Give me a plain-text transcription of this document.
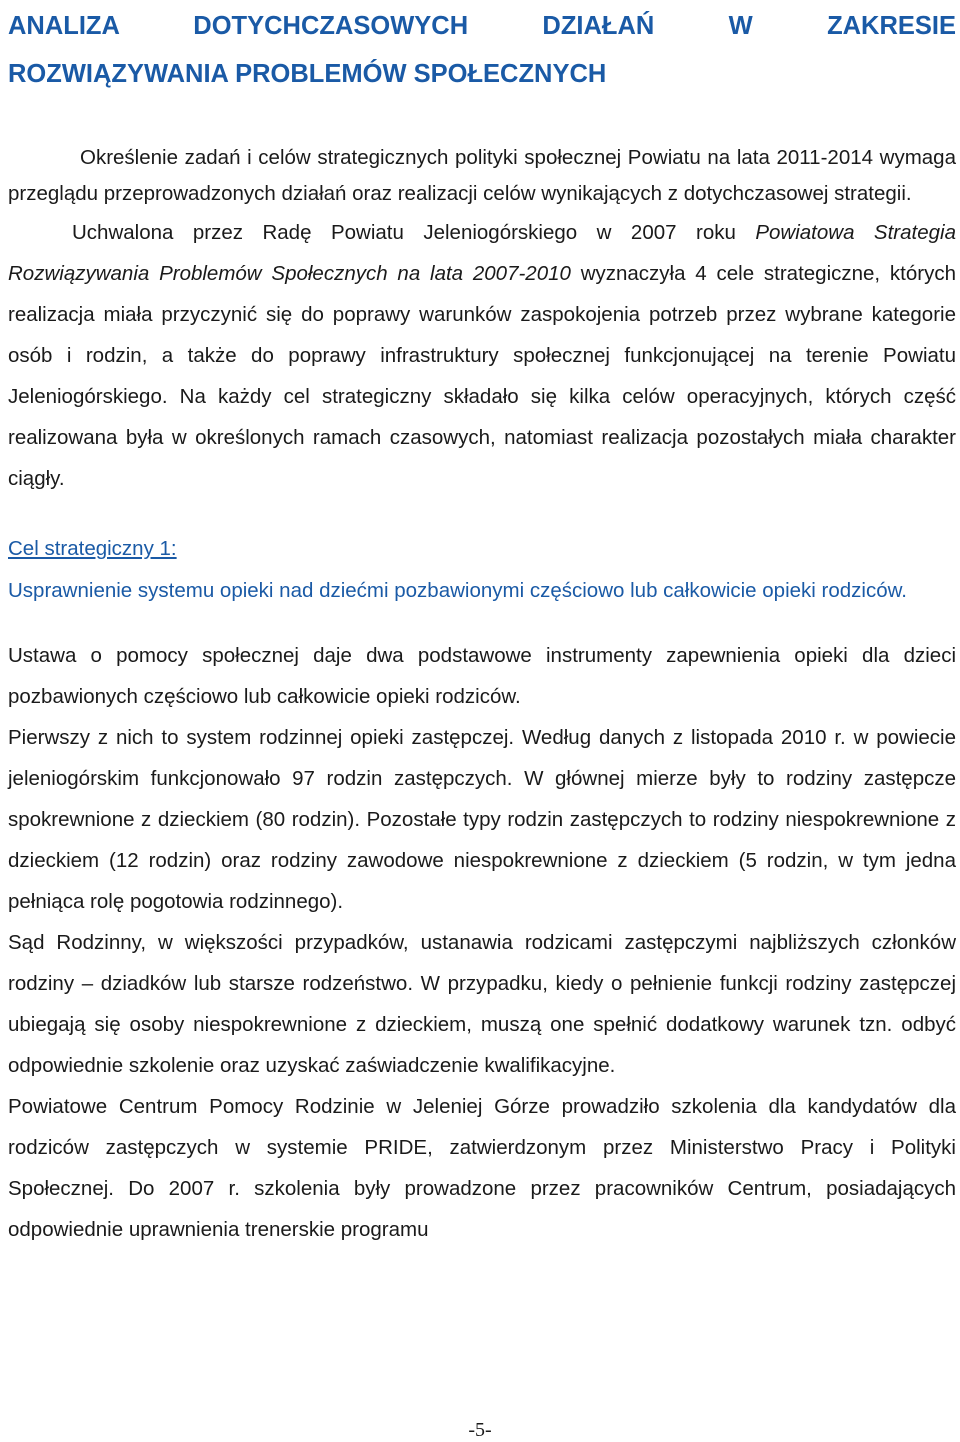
ANALIZA DOTYCHCZASOWYCH DZIAŁAŃ W ZAKRESIE
ROZWIĄZYWANIA PROBLEMÓW SPOŁECZNYCH

Określenie zadań i celów strategicznych polityki społecznej Powiatu na lata 2011-2014 wymaga przeglądu przeprowadzonych działań oraz realizacji celów wynikających z dotychczasowej strategii.

Uchwalona przez Radę Powiatu Jeleniogórskiego w 2007 roku Powiatowa Strategia Rozwiązywania Problemów Społecznych na lata 2007-2010 wyznaczyła 4 cele strategiczne, których realizacja miała przyczynić się do poprawy warunków zaspokojenia potrzeb przez wybrane kategorie osób i rodzin, a także do poprawy infrastruktury społecznej funkcjonującej na terenie Powiatu Jeleniogórskiego. Na każdy cel strategiczny składało się kilka celów operacyjnych, których część realizowana była w określonych ramach czasowych, natomiast realizacja pozostałych miała charakter ciągły.

Cel strategiczny 1:
Usprawnienie systemu opieki nad dziećmi pozbawionymi częściowo lub całkowicie opieki rodziców.

Ustawa o pomocy społecznej daje dwa podstawowe instrumenty zapewnienia opieki dla dzieci pozbawionych częściowo lub całkowicie opieki rodziców.

Pierwszy z nich to system rodzinnej opieki zastępczej. Według danych z listopada 2010 r. w powiecie jeleniogórskim funkcjonowało 97 rodzin zastępczych. W głównej mierze były to rodziny zastępcze spokrewnione z dzieckiem (80 rodzin). Pozostałe typy rodzin zastępczych to rodziny niespokrewnione z dzieckiem (12 rodzin) oraz rodziny zawodowe niespokrewnione z dzieckiem (5 rodzin, w tym jedna pełniąca rolę pogotowia rodzinnego).

Sąd Rodzinny, w większości przypadków, ustanawia rodzicami zastępczymi najbliższych członków rodziny – dziadków lub starsze rodzeństwo. W przypadku, kiedy o pełnienie funkcji rodziny zastępczej ubiegają się osoby niespokrewnione z dzieckiem, muszą one spełnić dodatkowy warunek tzn. odbyć odpowiednie szkolenie oraz uzyskać zaświadczenie kwalifikacyjne.

Powiatowe Centrum Pomocy Rodzinie w Jeleniej Górze prowadziło szkolenia dla kandydatów dla rodziców zastępczych w systemie PRIDE, zatwierdzonym przez Ministerstwo Pracy i Polityki Społecznej. Do 2007 r. szkolenia były prowadzone przez pracowników Centrum, posiadających odpowiednie uprawnienia trenerskie programu

-5-
